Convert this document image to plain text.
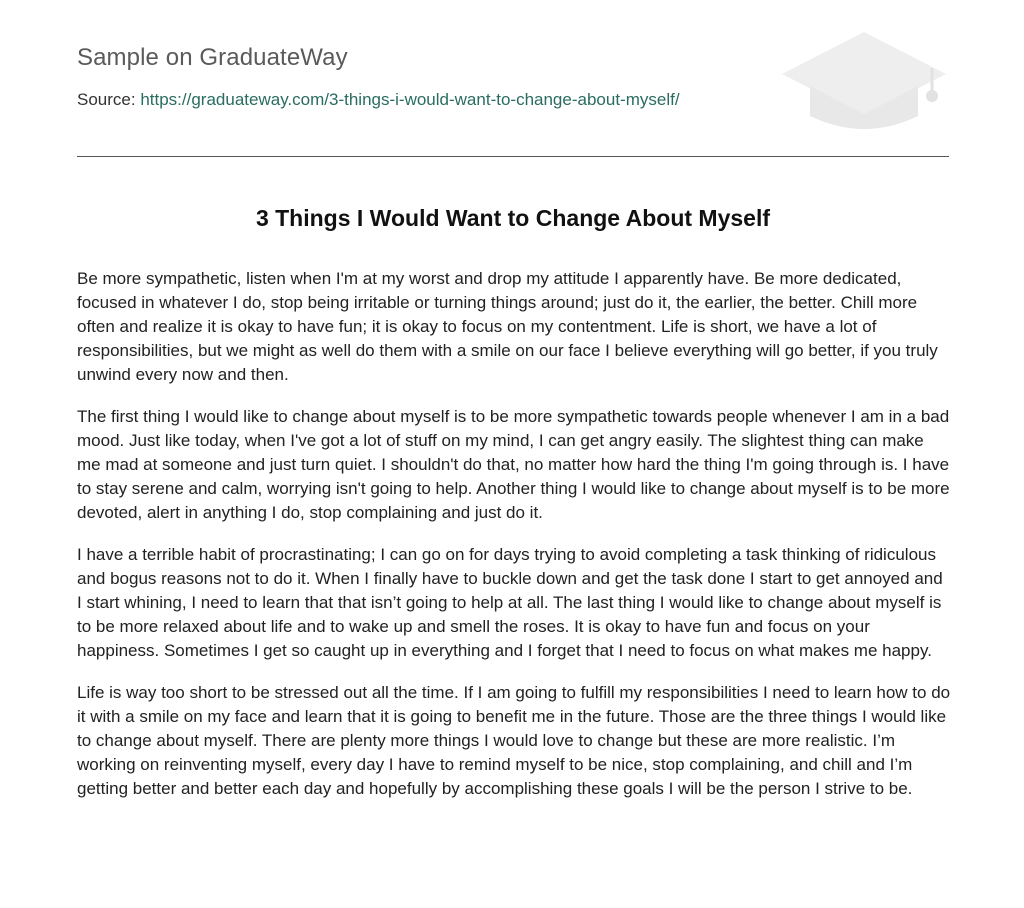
Sample on GraduateWay
Source: https://graduateway.com/3-things-i-would-want-to-change-about-myself/
3 Things I Would Want to Change About Myself

Be more sympathetic, listen when I'm at my worst and drop my attitude I apparently have. Be more dedicated, focused in whatever I do, stop being irritable or turning things around; just do it, the earlier, the better. Chill more often and realize it is okay to have fun; it is okay to focus on my contentment. Life is short, we have a lot of responsibilities, but we might as well do them with a smile on our face I believe everything will go better, if you truly unwind every now and then.

The first thing I would like to change about myself is to be more sympathetic towards people whenever I am in a bad mood. Just like today, when I've got a lot of stuff on my mind, I can get angry easily. The slightest thing can make me mad at someone and just turn quiet. I shouldn't do that, no matter how hard the thing I'm going through is. I have to stay serene and calm, worrying isn't going to help. Another thing I would like to change about myself is to be more devoted, alert in anything I do, stop complaining and just do it.

I have a terrible habit of procrastinating; I can go on for days trying to avoid completing a task thinking of ridiculous and bogus reasons not to do it. When I finally have to buckle down and get the task done I start to get annoyed and I start whining, I need to learn that that isn’t going to help at all. The last thing I would like to change about myself is to be more relaxed about life and to wake up and smell the roses. It is okay to have fun and focus on your happiness. Sometimes I get so caught up in everything and I forget that I need to focus on what makes me happy.

Life is way too short to be stressed out all the time. If I am going to fulfill my responsibilities I need to learn how to do it with a smile on my face and learn that it is going to benefit me in the future. Those are the three things I would like to change about myself. There are plenty more things I would love to change but these are more realistic. I’m working on reinventing myself, every day I have to remind myself to be nice, stop complaining, and chill and I’m getting better and better each day and hopefully by accomplishing these goals I will be the person I strive to be.
